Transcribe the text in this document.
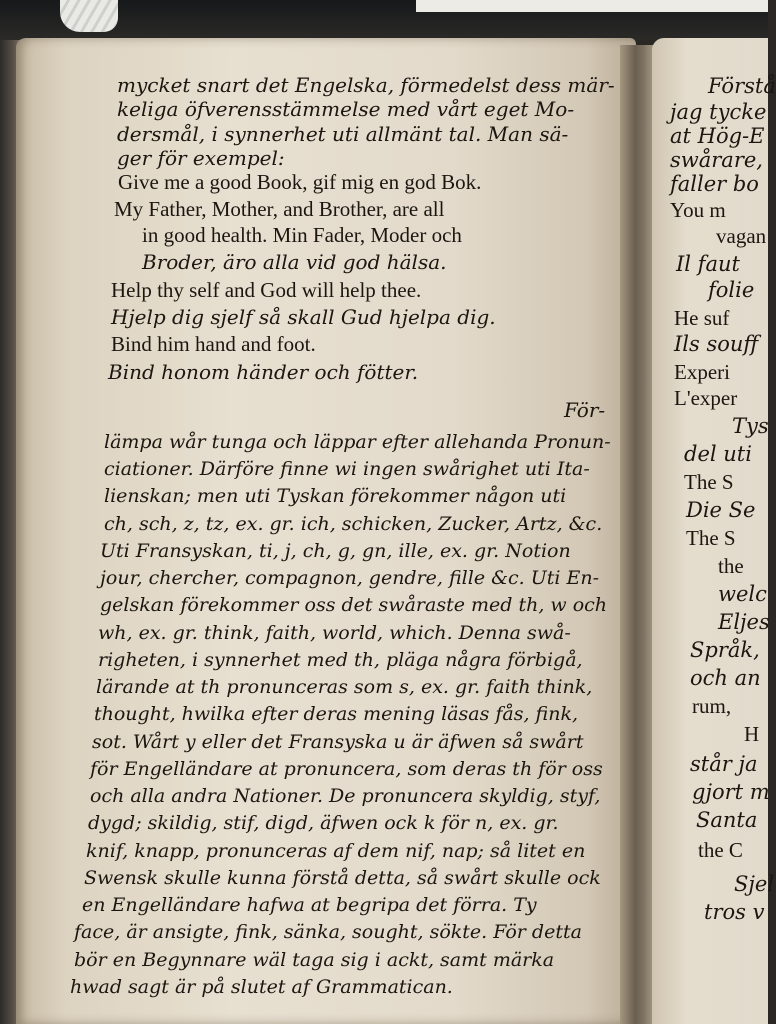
mycket snart det Engelska, förmedelst dess mär-

keliga öfverensstämmelse med vårt eget Mo-

dersmål, i synnerhet uti allmänt tal. Man sä-

ger för exempel:

Give me a good Book, gif mig en god Bok.

My Father, Mother, and Brother, are all

in good health. Min Fader, Moder och

Broder, äro alla vid god hälsa.

Help thy self and God will help thee.

Hjelp dig sjelf så skall Gud hjelpa dig.

Bind him hand and foot.

Bind honom händer och fötter.

För-

lämpa wår tunga och läppar efter allehanda Pronun-

ciationer. Därföre finne wi ingen swårighet uti Ita-

lienskan; men uti Tyskan förekommer någon uti

ch, sch, z, tz, ex. gr. ich, schicken, Zucker, Artz, &c.

Uti Fransyskan, ti, j, ch, g, gn, ille, ex. gr. Notion

jour, chercher, compagnon, gendre, fille &c. Uti En-

gelskan förekommer oss det swåraste med th, w och

wh, ex. gr. think, faith, world, which. Denna swå-

righeten, i synnerhet med th, pläga några förbigå,

lärande at th pronunceras som s, ex. gr. faith think,

thought, hwilka efter deras mening läsas fås, fink,

sot. Wårt y eller det Fransyska u är äfwen så swårt

för Engelländare at pronuncera, som deras th för oss

och alla andra Nationer. De pronuncera skyldig, styf,

dygd; skildig, stif, digd, äfwen ock k för n, ex. gr.

knif, knapp, pronunceras af dem nif, nap; så litet en

Swensk skulle kunna förstå detta, så swårt skulle ock

en Engelländare hafwa at begripa det förra. Ty

face, är ansigte, fink, sänka, sought, sökte. För detta

bör en Begynnare wäl taga sig i ackt, samt märka

hwad sagt är på slutet af Grammatican.

Förstå

jag tycke

at Hög-E

swårare,

faller bo

You m

vagan

Il faut

folie

He suf

Ils souff

Experi

L'exper

Tys

del uti

The S

Die Se

The S

the

welc

Eljes

Språk,

och an

rum,

H

står ja

gjort m

Santa

the C

Sjel

tros v
